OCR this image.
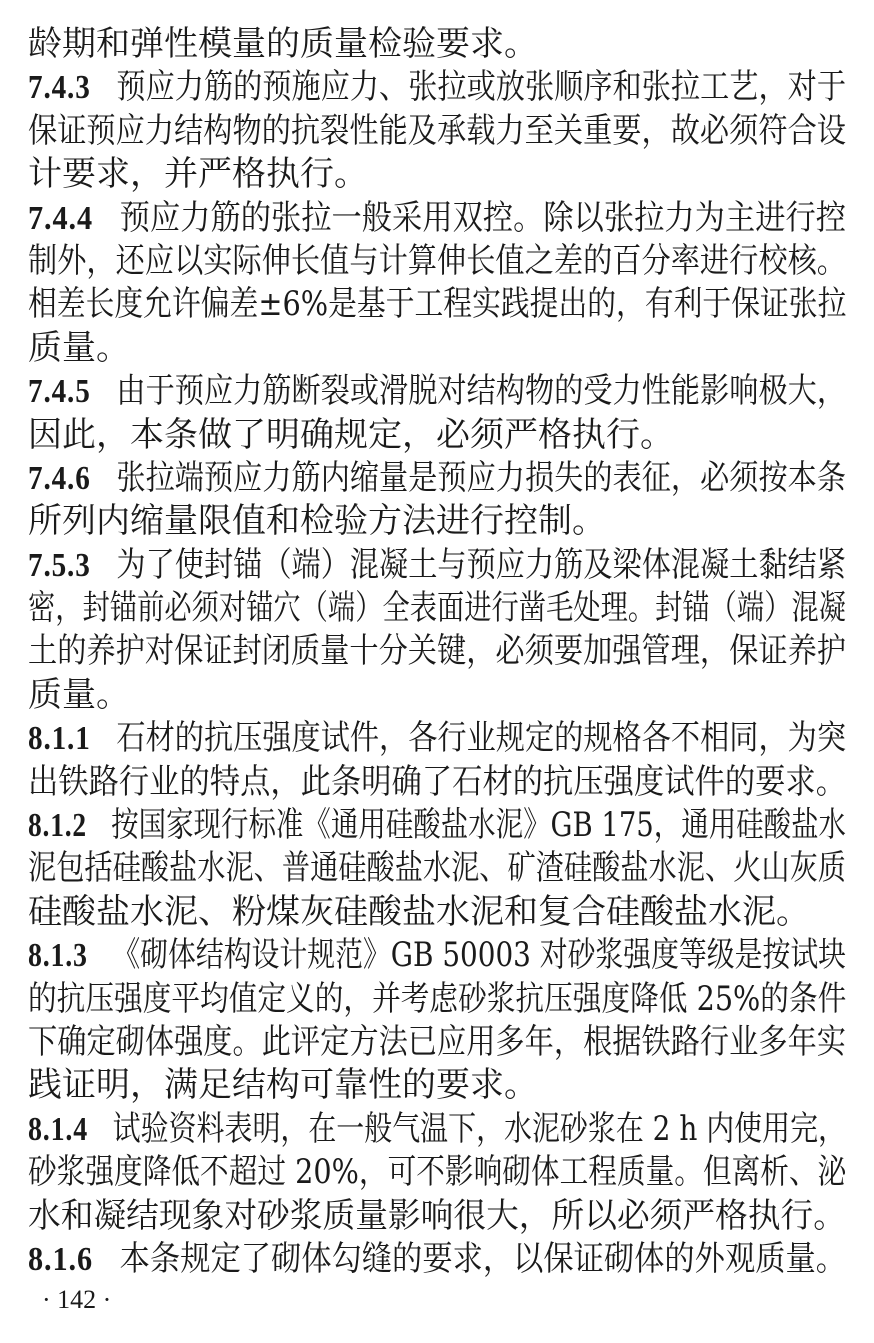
龄期和弹性模量的质量检验要求。
7.4.3 预应力筋的预施应力、张拉或放张顺序和张拉工艺，对于
保证预应力结构物的抗裂性能及承载力至关重要，故必须符合设
计要求，并严格执行。
7.4.4 预应力筋的张拉一般采用双控。除以张拉力为主进行控
制外，还应以实际伸长值与计算伸长值之差的百分率进行校核。
相差长度允许偏差±6%是基于工程实践提出的，有利于保证张拉
质量。
7.4.5 由于预应力筋断裂或滑脱对结构物的受力性能影响极大，
因此，本条做了明确规定，必须严格执行。
7.4.6 张拉端预应力筋内缩量是预应力损失的表征，必须按本条
所列内缩量限值和检验方法进行控制。
7.5.3 为了使封锚（端）混凝土与预应力筋及梁体混凝土黏结紧
密，封锚前必须对锚穴（端）全表面进行凿毛处理。封锚（端）混凝
土的养护对保证封闭质量十分关键，必须要加强管理，保证养护
质量。
8.1.1 石材的抗压强度试件，各行业规定的规格各不相同，为突
出铁路行业的特点，此条明确了石材的抗压强度试件的要求。
8.1.2 按国家现行标准《通用硅酸盐水泥》GB 175，通用硅酸盐水
泥包括硅酸盐水泥、普通硅酸盐水泥、矿渣硅酸盐水泥、火山灰质
硅酸盐水泥、粉煤灰硅酸盐水泥和复合硅酸盐水泥。
8.1.3 《砌体结构设计规范》GB 50003 对砂浆强度等级是按试块
的抗压强度平均值定义的，并考虑砂浆抗压强度降低 25%的条件
下确定砌体强度。此评定方法已应用多年，根据铁路行业多年实
践证明，满足结构可靠性的要求。
8.1.4 试验资料表明，在一般气温下，水泥砂浆在 2 h 内使用完，
砂浆强度降低不超过 20%，可不影响砌体工程质量。但离析、泌
水和凝结现象对砂浆质量影响很大，所以必须严格执行。
8.1.6 本条规定了砌体勾缝的要求，以保证砌体的外观质量。
· 142 ·
